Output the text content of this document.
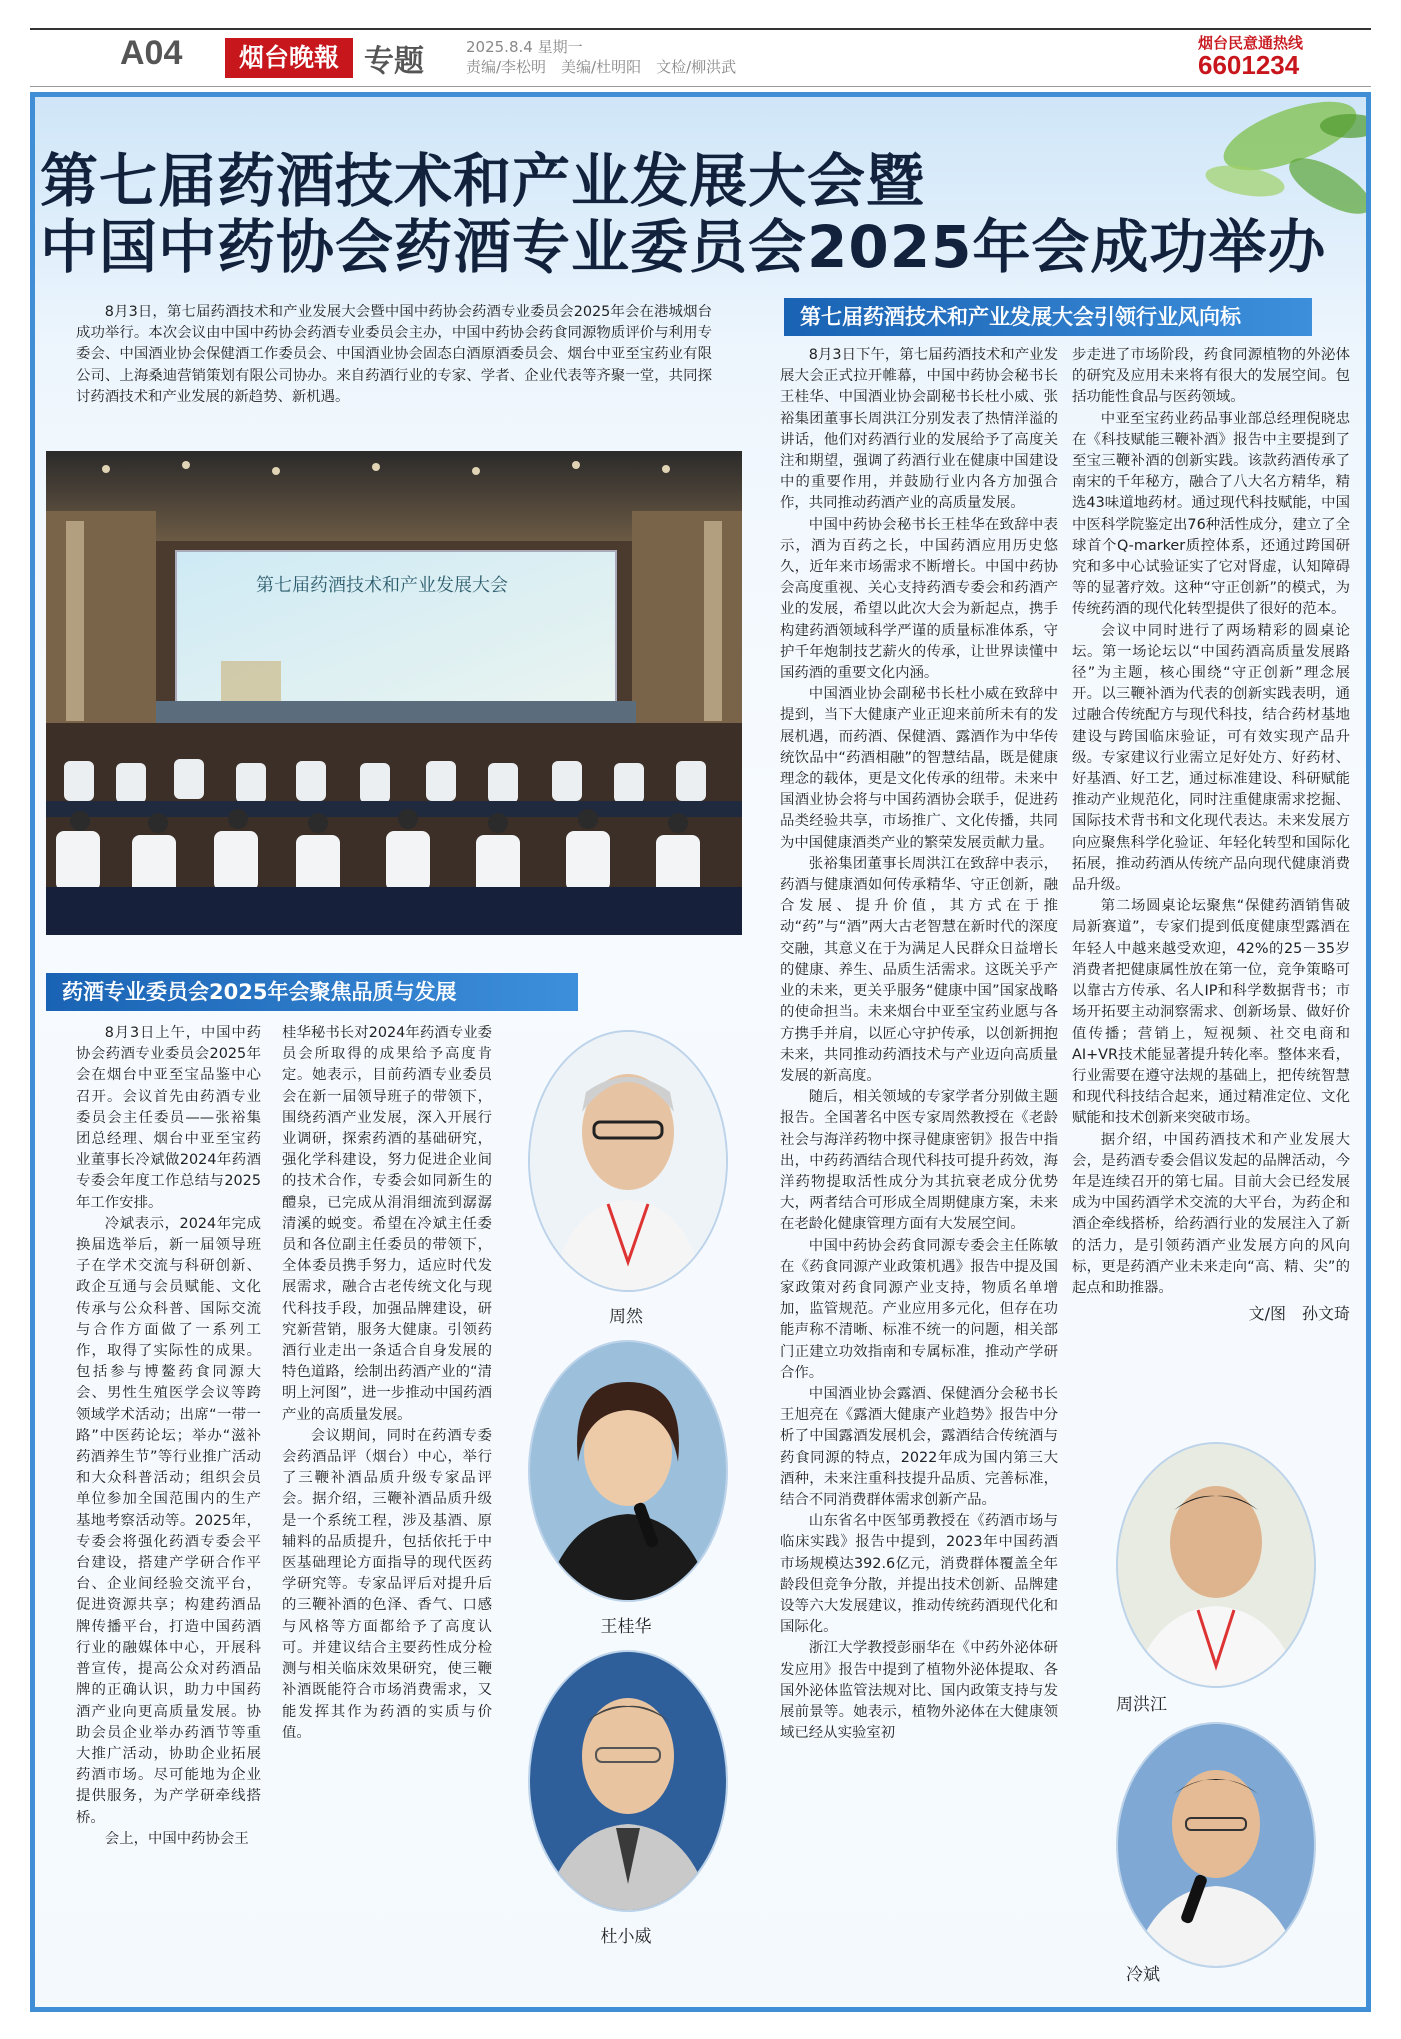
A04	烟台晚報 专题	2025.8.4 星期一
责编/李松明　美编/杜明阳　文检/柳洪武
烟台民意通热线
6601234
第七届药酒技术和产业发展大会暨
中国中药协会药酒专业委员会2025年会成功举办

8月3日，第七届药酒技术和产业发展大会暨中国中药协会药酒专业委员会2025年会在港城烟台成功举行。本次会议由中国中药协会药酒专业委员会主办，中国中药协会药食同源物质评价与利用专委会、中国酒业协会保健酒工作委员会、中国酒业协会固态白酒原酒委员会、烟台中亚至宝药业有限公司、上海桑迪营销策划有限公司协办。来自药酒行业的专家、学者、企业代表等齐聚一堂，共同探讨药酒技术和产业发展的新趋势、新机遇。

第七届药酒技术和产业发展大会
药酒专业委员会2025年会聚焦品质与发展

8月3日上午，中国中药协会药酒专业委员会2025年会在烟台中亚至宝品鉴中心召开。会议首先由药酒专业委员会主任委员——张裕集团总经理、烟台中亚至宝药业董事长冷斌做2024年药酒专委会年度工作总结与2025年工作安排。

冷斌表示，2024年完成换届选举后，新一届领导班子在学术交流与科研创新、政企互通与会员赋能、文化传承与公众科普、国际交流与合作方面做了一系列工作，取得了实际性的成果。包括参与博鳌药食同源大会、男性生殖医学会议等跨领域学术活动；出席“一带一路”中医药论坛；举办“滋补药酒养生节”等行业推广活动和大众科普活动；组织会员单位参加全国范围内的生产基地考察活动等。2025年，专委会将强化药酒专委会平台建设，搭建产学研合作平台、企业间经验交流平台，促进资源共享；构建药酒品牌传播平台，打造中国药酒行业的融媒体中心，开展科普宣传，提高公众对药酒品牌的正确认识，助力中国药酒产业向更高质量发展。协助会员企业举办药酒节等重大推广活动，协助企业拓展药酒市场。尽可能地为企业提供服务，为产学研牵线搭桥。

会上，中国中药协会王

桂华秘书长对2024年药酒专业委员会所取得的成果给予高度肯定。她表示，目前药酒专业委员会在新一届领导班子的带领下，围绕药酒产业发展，深入开展行业调研，探索药酒的基础研究，强化学科建设，努力促进企业间的技术合作，专委会如同新生的醴泉，已完成从涓涓细流到潺潺清溪的蜕变。希望在冷斌主任委员和各位副主任委员的带领下，全体委员携手努力，适应时代发展需求，融合古老传统文化与现代科技手段，加强品牌建设，研究新营销，服务大健康。引领药酒行业走出一条适合自身发展的特色道路，绘制出药酒产业的“清明上河图”，进一步推动中国药酒产业的高质量发展。

会议期间，同时在药酒专委会药酒品评（烟台）中心，举行了三鞭补酒品质升级专家品评会。据介绍，三鞭补酒品质升级是一个系统工程，涉及基酒、原辅料的品质提升，包括依托于中医基础理论方面指导的现代医药学研究等。专家品评后对提升后的三鞭补酒的色泽、香气、口感与风格等方面都给予了高度认可。并建议结合主要药性成分检测与相关临床效果研究，使三鞭补酒既能符合市场消费需求，又能发挥其作为药酒的实质与价值。

周然
王桂华
杜小威
第七届药酒技术和产业发展大会引领行业风向标

8月3日下午，第七届药酒技术和产业发展大会正式拉开帷幕，中国中药协会秘书长王桂华、中国酒业协会副秘书长杜小威、张裕集团董事长周洪江分别发表了热情洋溢的讲话，他们对药酒行业的发展给予了高度关注和期望，强调了药酒行业在健康中国建设中的重要作用，并鼓励行业内各方加强合作，共同推动药酒产业的高质量发展。

中国中药协会秘书长王桂华在致辞中表示，酒为百药之长，中国药酒应用历史悠久，近年来市场需求不断增长。中国中药协会高度重视、关心支持药酒专委会和药酒产业的发展，希望以此次大会为新起点，携手构建药酒领域科学严谨的质量标准体系，守护千年炮制技艺薪火的传承，让世界读懂中国药酒的重要文化内涵。

中国酒业协会副秘书长杜小威在致辞中提到，当下大健康产业正迎来前所未有的发展机遇，而药酒、保健酒、露酒作为中华传统饮品中“药酒相融”的智慧结晶，既是健康理念的载体，更是文化传承的纽带。未来中国酒业协会将与中国药酒协会联手，促进药品类经验共享，市场推广、文化传播，共同为中国健康酒类产业的繁荣发展贡献力量。

张裕集团董事长周洪江在致辞中表示，药酒与健康酒如何传承精华、守正创新，融合发展、提升价值，其方式在于推动“药”与“酒”两大古老智慧在新时代的深度交融，其意义在于为满足人民群众日益增长的健康、养生、品质生活需求。这既关乎产业的未来，更关乎服务“健康中国”国家战略的使命担当。未来烟台中亚至宝药业愿与各方携手并肩，以匠心守护传承，以创新拥抱未来，共同推动药酒技术与产业迈向高质量发展的新高度。

随后，相关领域的专家学者分别做主题报告。全国著名中医专家周然教授在《老龄社会与海洋药物中探寻健康密钥》报告中指出，中药药酒结合现代科技可提升药效，海洋药物提取活性成分为其抗衰老成分优势大，两者结合可形成全周期健康方案，未来在老龄化健康管理方面有大发展空间。

中国中药协会药食同源专委会主任陈敏在《药食同源产业政策机遇》报告中提及国家政策对药食同源产业支持，物质名单增加，监管规范。产业应用多元化，但存在功能声称不清晰、标准不统一的问题，相关部门正建立功效指南和专属标准，推动产学研合作。

中国酒业协会露酒、保健酒分会秘书长王旭亮在《露酒大健康产业趋势》报告中分析了中国露酒发展机会，露酒结合传统酒与药食同源的特点，2022年成为国内第三大酒种，未来注重科技提升品质、完善标准，结合不同消费群体需求创新产品。

山东省名中医邹勇教授在《药酒市场与临床实践》报告中提到，2023年中国药酒市场规模达392.6亿元，消费群体覆盖全年龄段但竞争分散，并提出技术创新、品牌建设等六大发展建议，推动传统药酒现代化和国际化。

浙江大学教授彭丽华在《中药外泌体研发应用》报告中提到了植物外泌体提取、各国外泌体监管法规对比、国内政策支持与发展前景等。她表示，植物外泌体在大健康领域已经从实验室初

步走进了市场阶段，药食同源植物的外泌体的研究及应用未来将有很大的发展空间。包括功能性食品与医药领域。

中亚至宝药业药品事业部总经理倪晓忠在《科技赋能三鞭补酒》报告中主要提到了至宝三鞭补酒的创新实践。该款药酒传承了南宋的千年秘方，融合了八大名方精华，精选43味道地药材。通过现代科技赋能，中国中医科学院鉴定出76种活性成分，建立了全球首个Q-marker质控体系，还通过跨国研究和多中心试验证实了它对肾虚，认知障碍等的显著疗效。这种“守正创新”的模式，为传统药酒的现代化转型提供了很好的范本。

会议中同时进行了两场精彩的圆桌论坛。第一场论坛以“中国药酒高质量发展路径”为主题，核心围绕“守正创新”理念展开。以三鞭补酒为代表的创新实践表明，通过融合传统配方与现代科技，结合药材基地建设与跨国临床验证，可有效实现产品升级。专家建议行业需立足好处方、好药材、好基酒、好工艺，通过标准建设、科研赋能推动产业规范化，同时注重健康需求挖掘、国际技术背书和文化现代表达。未来发展方向应聚焦科学化验证、年轻化转型和国际化拓展，推动药酒从传统产品向现代健康消费品升级。

第二场圆桌论坛聚焦“保健药酒销售破局新赛道”，专家们提到低度健康型露酒在年轻人中越来越受欢迎，42%的25－35岁消费者把健康属性放在第一位，竞争策略可以靠古方传承、名人IP和科学数据背书；市场开拓要主动洞察需求、创新场景、做好价值传播；营销上，短视频、社交电商和AI+VR技术能显著提升转化率。整体来看，行业需要在遵守法规的基础上，把传统智慧和现代科技结合起来，通过精准定位、文化赋能和技术创新来突破市场。

据介绍，中国药酒技术和产业发展大会，是药酒专委会倡议发起的品牌活动，今年是连续召开的第七届。目前大会已经发展成为中国药酒学术交流的大平台，为药企和酒企牵线搭桥，给药酒行业的发展注入了新的活力，是引领药酒产业发展方向的风向标，更是药酒产业未来走向“高、精、尖”的起点和助推器。

文/图　孙文琦

周洪江
冷斌
